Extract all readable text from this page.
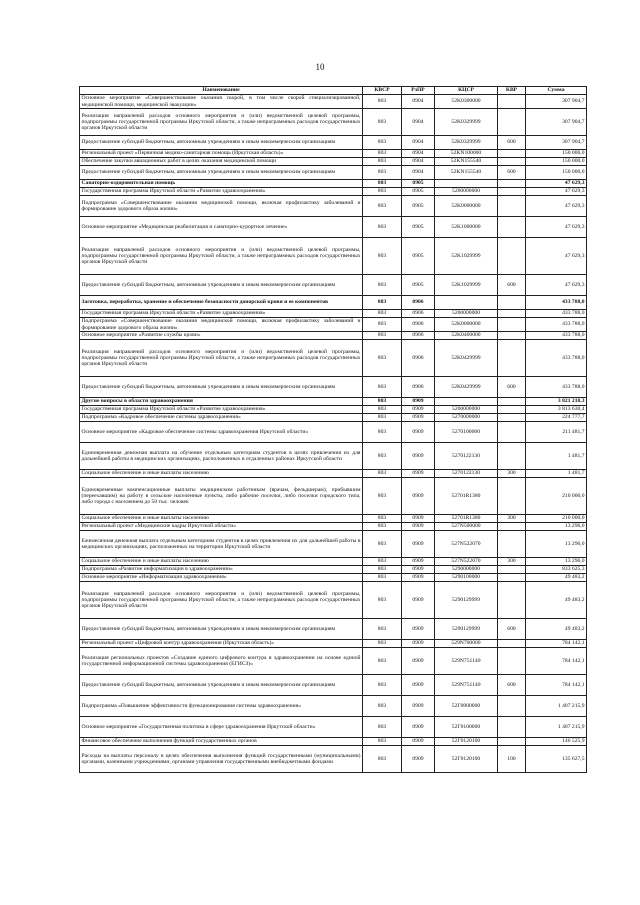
10
Наименование	КВСР	РзПР	КЦСР	КВР	Сумма
Основное мероприятие «Совершенствование оказания скорой, в том числе скорой специализированной, медицинской помощи, медицинской эвакуации»	803	0904	52K0300000		307 904,7
Реализация направлений расходов основного мероприятия и (или) ведомственной целевой программы, подпрограммы государственной программы Иркутской области, а также непрограммных расходов государственных органов Иркутской области	803	0904	52K0329999		307 904,7
Предоставление субсидий бюджетным, автономным учреждениям и иным некоммерческим организациям	803	0904	52K0329999	600	307 904,7
Региональный проект «Первичная медико-санитарная помощь (Иркутская область)»	803	0904	52KN100000		150 000,0
Обеспечение закупки авиационных работ в целях оказания медицинской помощи	803	0904	52KN155540		150 000,0
Предоставление субсидий бюджетным, автономным учреждениям и иным некоммерческим организациям	803	0904	52KN155540	600	150 000,0
Санаторно-оздоровительная помощь	803	0905			47 629,3
Государственная программа Иркутской области «Развитие здравоохранения»	803	0905	5200000000		47 629,3
Подпрограмма «Совершенствование оказания медицинской помощи, включая профилактику заболеваний и формирование здорового образа жизни»	803	0905	52K0000000		47 629,3
Основное мероприятие «Медицинская реабилитация и санаторно-курортное лечение»	803	0905	52K1000000		47 629,3
Реализация направлений расходов основного мероприятия и (или) ведомственной целевой программы, подпрограммы государственной программы Иркутской области, а также непрограммных расходов государственных органов Иркутской области	803	0905	52K1029999		47 629,3
Предоставление субсидий бюджетным, автономным учреждениям и иным некоммерческим организациям	803	0905	52K1029999	600	47 629,3
Заготовка, переработка, хранение и обеспечение безопасности донорской крови и ее компонентов	803	0906			433 788,0
Государственная программа Иркутской области «Развитие здравоохранения»	803	0906	5200000000		433 788,0
Подпрограмма «Совершенствование оказания медицинской помощи, включая профилактику заболеваний и формирование здорового образа жизни»	803	0906	52K0000000		433 788,0
Основное мероприятие «Развитие службы крови»	803	0906	52K0400000		433 788,0
Реализация направлений расходов основного мероприятия и (или) ведомственной целевой программы, подпрограммы государственной программы Иркутской области, а также непрограммных расходов государственных органов Иркутской области	803	0906	52K0429999		433 788,0
Предоставление субсидий бюджетным, автономным учреждениям и иным некоммерческим организациям	803	0906	52K0429999	600	433 788,0
Другие вопросы в области здравоохранения	803	0909			3 821 218,3
Государственная программа Иркутской области «Развитие здравоохранения»	803	0909	5200000000		3 813 630,4
Подпрограмма «Кадровое обеспечение системы здравоохранения»	803	0909	5270000000		224 777,7
Основное мероприятие «Кадровое обеспечение системы здравоохранения Иркутской области»	803	0909	5270100000		211 481,7
Единовременная денежная выплата на обучение отдельным категориям студентов в целях привлечения их для дальнейшей работы в медицинских организациях, расположенных в отдаленных районах Иркутской области	803	0909	5270122130		1 481,7
Социальное обеспечение и иные выплаты населению	803	0909	5270122130	300	1 481,7
Единовременные компенсационные выплаты медицинским работникам (врачам, фельдшерам), прибывшим (переехавшим) на работу в сельские населенные пункты, либо рабочие поселки, либо поселки городского типа, либо города с населением до 50 тыс. человек	803	0909	52701R1380		210 000,0
Социальное обеспечение и иные выплаты населению	803	0909	52701R1380	300	210 000,0
Региональный проект «Медицинские кадры Иркутской области»	803	0909	527N500000		13 296,0
Ежемесячная денежная выплата отдельным категориям студентов в целях привлечения их для дальнейшей работы в медицинских организациях, расположенных на территории Иркутской области	803	0909	527N522070		13 296,0
Социальное обеспечение и иные выплаты населению	803	0909	527N522070	300	13 296,0
Подпрограмма «Развитие информатизации в здравоохранении»	803	0909	5290000000		833 625,3
Основное мероприятие «Информатизация здравоохранения»	803	0909	5290100000		49 483,2
Реализация направлений расходов основного мероприятия и (или) ведомственной целевой программы, подпрограммы государственной программы Иркутской области, а также непрограммных расходов государственных органов Иркутской области	803	0909	5290129999		49 483,2
Предоставление субсидий бюджетным, автономным учреждениям и иным некоммерческим организациям	803	0909	5290129999	600	49 483,2
Региональный проект «Цифровой контур здравоохранения (Иркутская область)»	803	0909	529N700000		784 142,1
Реализация региональных проектов «Создание единого цифрового контура в здравоохранении на основе единой государственной информационной системы здравоохранения (ЕГИСЗ)»	803	0909	529N751140		784 142,1
Предоставление субсидий бюджетным, автономным учреждениям и иным некоммерческим организациям	803	0909	529N751140	600	784 142,1
Подпрограмма «Повышение эффективности функционирования системы здравоохранения»	803	0909	52Г0000000		1 407 215,9
Основное мероприятие «Государственная политика в сфере здравоохранения Иркутской области»	803	0909	52Г0100000		1 407 215,9
Финансовое обеспечение выполнения функций государственных органов	803	0909	52Г0120100		146 525,9
Расходы на выплаты персоналу в целях обеспечения выполнения функций государственными (муниципальными) органами, казенными учреждениями, органами управления государственными внебюджетными фондами	803	0909	52Г0120100	100	135 627,5
